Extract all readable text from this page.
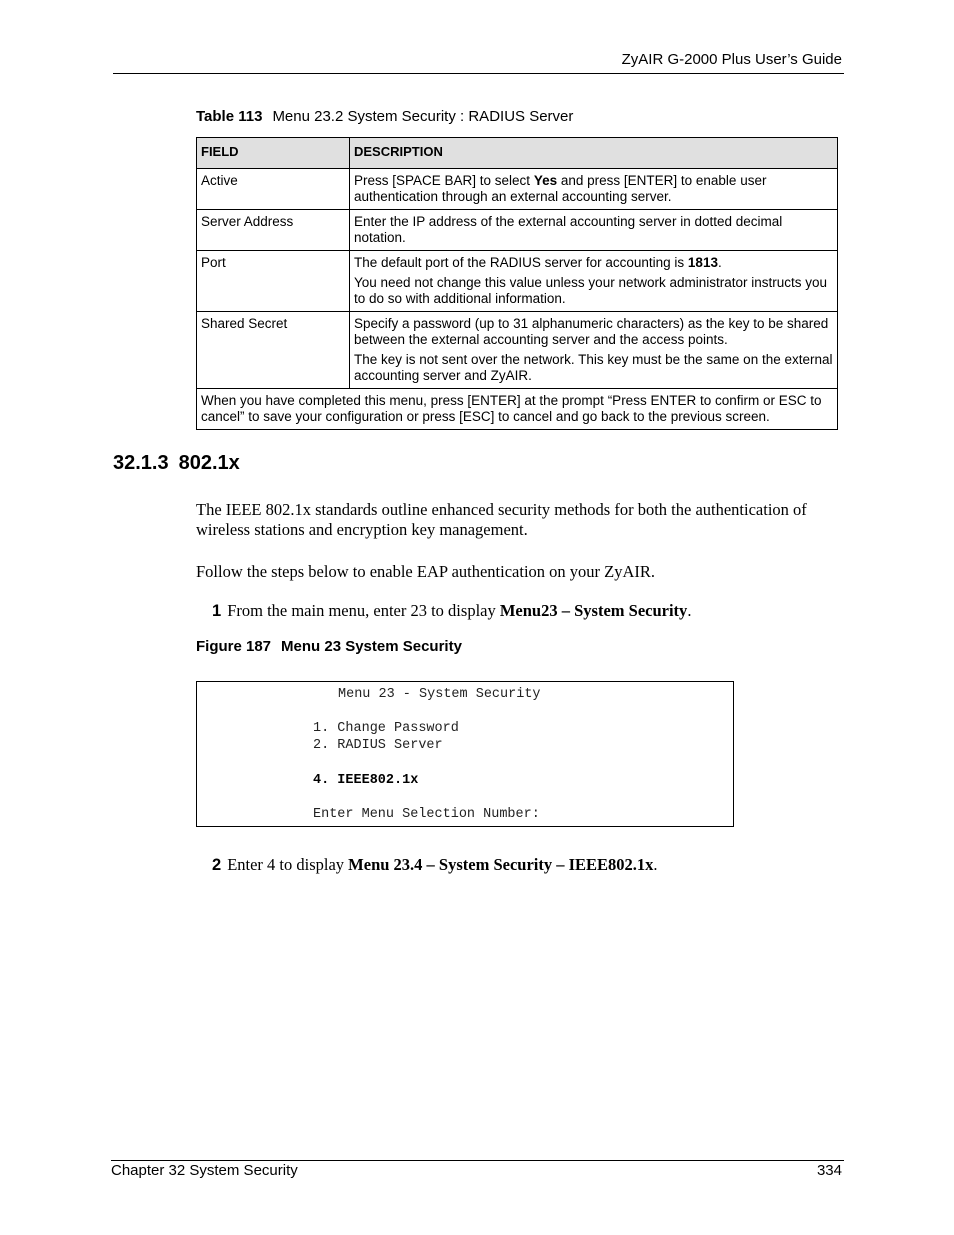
ZyAIR G-2000 Plus User’s Guide
Table 113 Menu 23.2 System Security : RADIUS Server
FIELD	DESCRIPTION
Active	Press [SPACE BAR] to select Yes and press [ENTER] to enable user authentication through an external accounting server.

Server Address	Enter the IP address of the external accounting server in dotted decimal notation.

Port	The default port of the RADIUS server for accounting is 1813.

You need not change this value unless your network administrator instructs you to do so with additional information.

Shared Secret	Specify a password (up to 31 alphanumeric characters) as the key to be shared between the external accounting server and the access points.

The key is not sent over the network. This key must be the same on the external accounting server and ZyAIR.

When you have completed this menu, press [ENTER] at the prompt “Press ENTER to confirm or ESC to cancel” to save your configuration or press [ESC] to cancel and go back to the previous screen.	
32.1.3 802.1x
The IEEE 802.1x standards outline enhanced security methods for both the authentication of wireless stations and encryption key management.
Follow the steps below to enable EAP authentication on your ZyAIR.
1 From the main menu, enter 23 to display Menu23 – System Security.
Figure 187 Menu 23 System Security
Menu 23 - System Security
1. Change Password
2. RADIUS Server
4. IEEE802.1x
Enter Menu Selection Number:
2 Enter 4 to display Menu 23.4 – System Security – IEEE802.1x.
Chapter 32 System Security	334
